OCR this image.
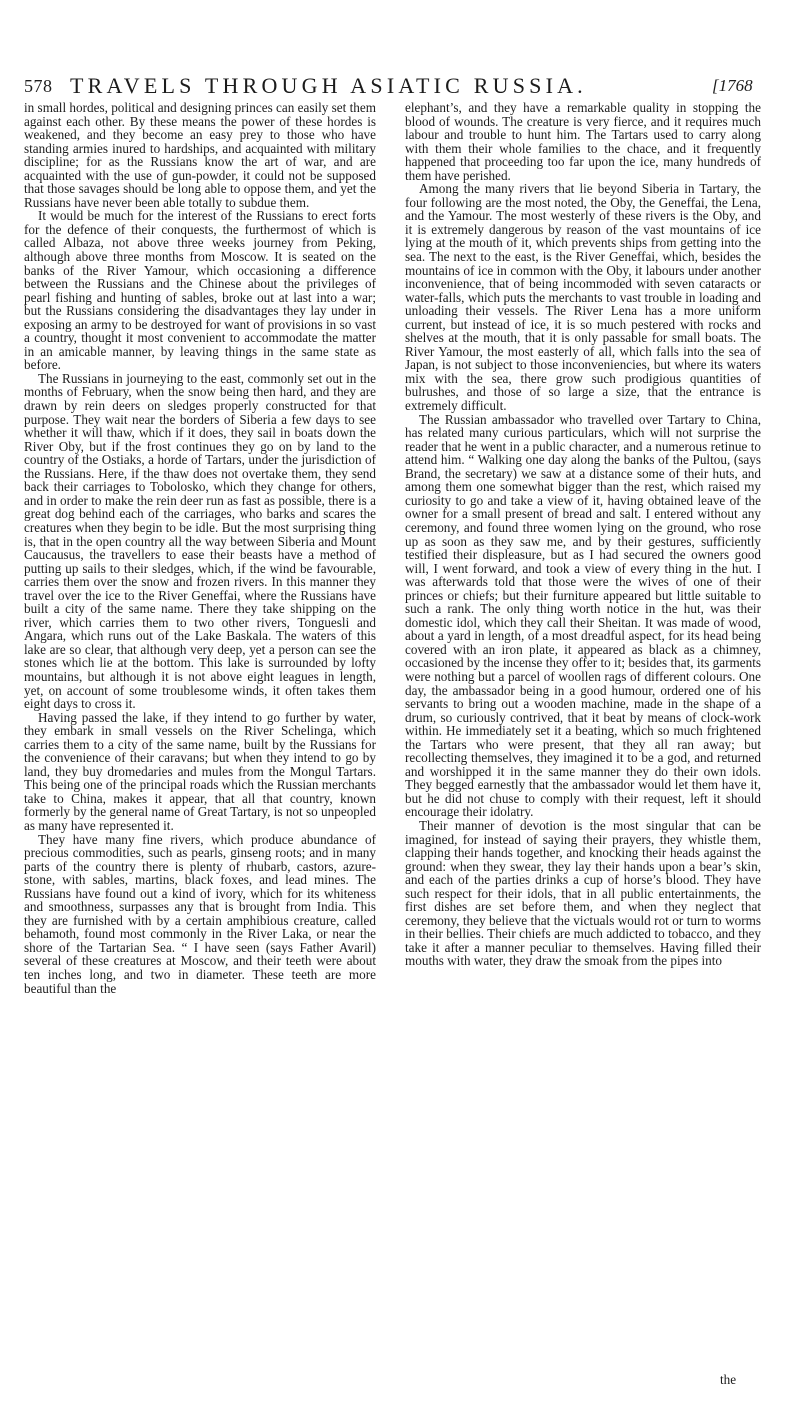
578 TRAVELS THROUGH ASIATIC RUSSIA.	[1768

in small hordes, political and designing princes can easily set them against each other. By these means the power of these hordes is weakened, and they become an easy prey to those who have standing armies inured to hardships, and acquainted with military discipline; for as the Russians know the art of war, and are acquainted with the use of gun-powder, it could not be supposed that those savages should be long able to oppose them, and yet the Russians have never been able totally to subdue them.

It would be much for the interest of the Russians to erect forts for the defence of their conquests, the furthermost of which is called Albaza, not above three weeks journey from Peking, although above three months from Moscow. It is seated on the banks of the River Yamour, which occasioning a difference between the Russians and the Chinese about the privileges of pearl fishing and hunting of sables, broke out at last into a war; but the Russians considering the disadvantages they lay under in exposing an army to be destroyed for want of provisions in so vast a country, thought it most convenient to accommodate the matter in an amicable manner, by leaving things in the same state as before.

The Russians in journeying to the east, commonly set out in the months of February, when the snow being then hard, and they are drawn by rein deers on sledges properly constructed for that purpose. They wait near the borders of Siberia a few days to see whether it will thaw, which if it does, they sail in boats down the River Oby, but if the frost continues they go on by land to the country of the Ostiaks, a horde of Tartars, under the jurisdiction of the Russians. Here, if the thaw does not overtake them, they send back their carriages to Tobolosko, which they change for others, and in order to make the rein deer run as fast as possible, there is a great dog behind each of the carriages, who barks and scares the creatures when they begin to be idle. But the most surprising thing is, that in the open country all the way between Siberia and Mount Caucausus, the travellers to ease their beasts have a method of putting up sails to their sledges, which, if the wind be favourable, carries them over the snow and frozen rivers. In this manner they travel over the ice to the River Geneffai, where the Russians have built a city of the same name. There they take shipping on the river, which carries them to two other rivers, Tonguesli and Angara, which runs out of the Lake Baskala. The waters of this lake are so clear, that although very deep, yet a person can see the stones which lie at the bottom. This lake is surrounded by lofty mountains, but although it is not above eight leagues in length, yet, on account of some troublesome winds, it often takes them eight days to cross it.

Having passed the lake, if they intend to go further by water, they embark in small vessels on the River Schelinga, which carries them to a city of the same name, built by the Russians for the convenience of their caravans; but when they intend to go by land, they buy dromedaries and mules from the Mongul Tartars. This being one of the principal roads which the Russian merchants take to China, makes it appear, that all that country, known formerly by the general name of Great Tartary, is not so unpeopled as many have represented it.

They have many fine rivers, which produce abundance of precious commodities, such as pearls, ginseng roots; and in many parts of the country there is plenty of rhubarb, castors, azure-stone, with sables, martins, black foxes, and lead mines. The Russians have found out a kind of ivory, which for its whiteness and smoothness, surpasses any that is brought from India. This they are furnished with by a certain amphibious creature, called behamoth, found most commonly in the River Laka, or near the shore of the Tartarian Sea. “ I have seen (says Father Avaril) several of these creatures at Moscow, and their teeth were about ten inches long, and two in diameter. These teeth are more beautiful than the

elephant’s, and they have a remarkable quality in stopping the blood of wounds. The creature is very fierce, and it requires much labour and trouble to hunt him. The Tartars used to carry along with them their whole families to the chace, and it frequently happened that proceeding too far upon the ice, many hundreds of them have perished.

Among the many rivers that lie beyond Siberia in Tartary, the four following are the most noted, the Oby, the Geneffai, the Lena, and the Yamour. The most westerly of these rivers is the Oby, and it is extremely dangerous by reason of the vast mountains of ice lying at the mouth of it, which prevents ships from getting into the sea. The next to the east, is the River Geneffai, which, besides the mountains of ice in common with the Oby, it labours under another inconvenience, that of being incommoded with seven cataracts or water-falls, which puts the merchants to vast trouble in loading and unloading their vessels. The River Lena has a more uniform current, but instead of ice, it is so much pestered with rocks and shelves at the mouth, that it is only passable for small boats. The River Yamour, the most easterly of all, which falls into the sea of Japan, is not subject to those inconveniencies, but where its waters mix with the sea, there grow such prodigious quantities of bulrushes, and those of so large a size, that the entrance is extremely difficult.

The Russian ambassador who travelled over Tartary to China, has related many curious particulars, which will not surprise the reader that he went in a public character, and a numerous retinue to attend him. “ Walking one day along the banks of the Pultou, (says Brand, the secretary) we saw at a distance some of their huts, and among them one somewhat bigger than the rest, which raised my curiosity to go and take a view of it, having obtained leave of the owner for a small present of bread and salt. I entered without any ceremony, and found three women lying on the ground, who rose up as soon as they saw me, and by their gestures, sufficiently testified their displeasure, but as I had secured the owners good will, I went forward, and took a view of every thing in the hut. I was afterwards told that those were the wives of one of their princes or chiefs; but their furniture appeared but little suitable to such a rank. The only thing worth notice in the hut, was their domestic idol, which they call their Sheitan. It was made of wood, about a yard in length, of a most dreadful aspect, for its head being covered with an iron plate, it appeared as black as a chimney, occasioned by the incense they offer to it; besides that, its garments were nothing but a parcel of woollen rags of different colours. One day, the ambassador being in a good humour, ordered one of his servants to bring out a wooden machine, made in the shape of a drum, so curiously contrived, that it beat by means of clock-work within. He immediately set it a beating, which so much frightened the Tartars who were present, that they all ran away; but recollecting themselves, they imagined it to be a god, and returned and worshipped it in the same manner they do their own idols. They begged earnestly that the ambassador would let them have it, but he did not chuse to comply with their request, left it should encourage their idolatry.

Their manner of devotion is the most singular that can be imagined, for instead of saying their prayers, they whistle them, clapping their hands together, and knocking their heads against the ground: when they swear, they lay their hands upon a bear’s skin, and each of the parties drinks a cup of horse’s blood. They have such respect for their idols, that in all public entertainments, the first dishes are set before them, and when they neglect that ceremony, they believe that the victuals would rot or turn to worms in their bellies. Their chiefs are much addicted to tobacco, and they take it after a manner peculiar to themselves. Having filled their mouths with water, they draw the smoak from the pipes into

the
